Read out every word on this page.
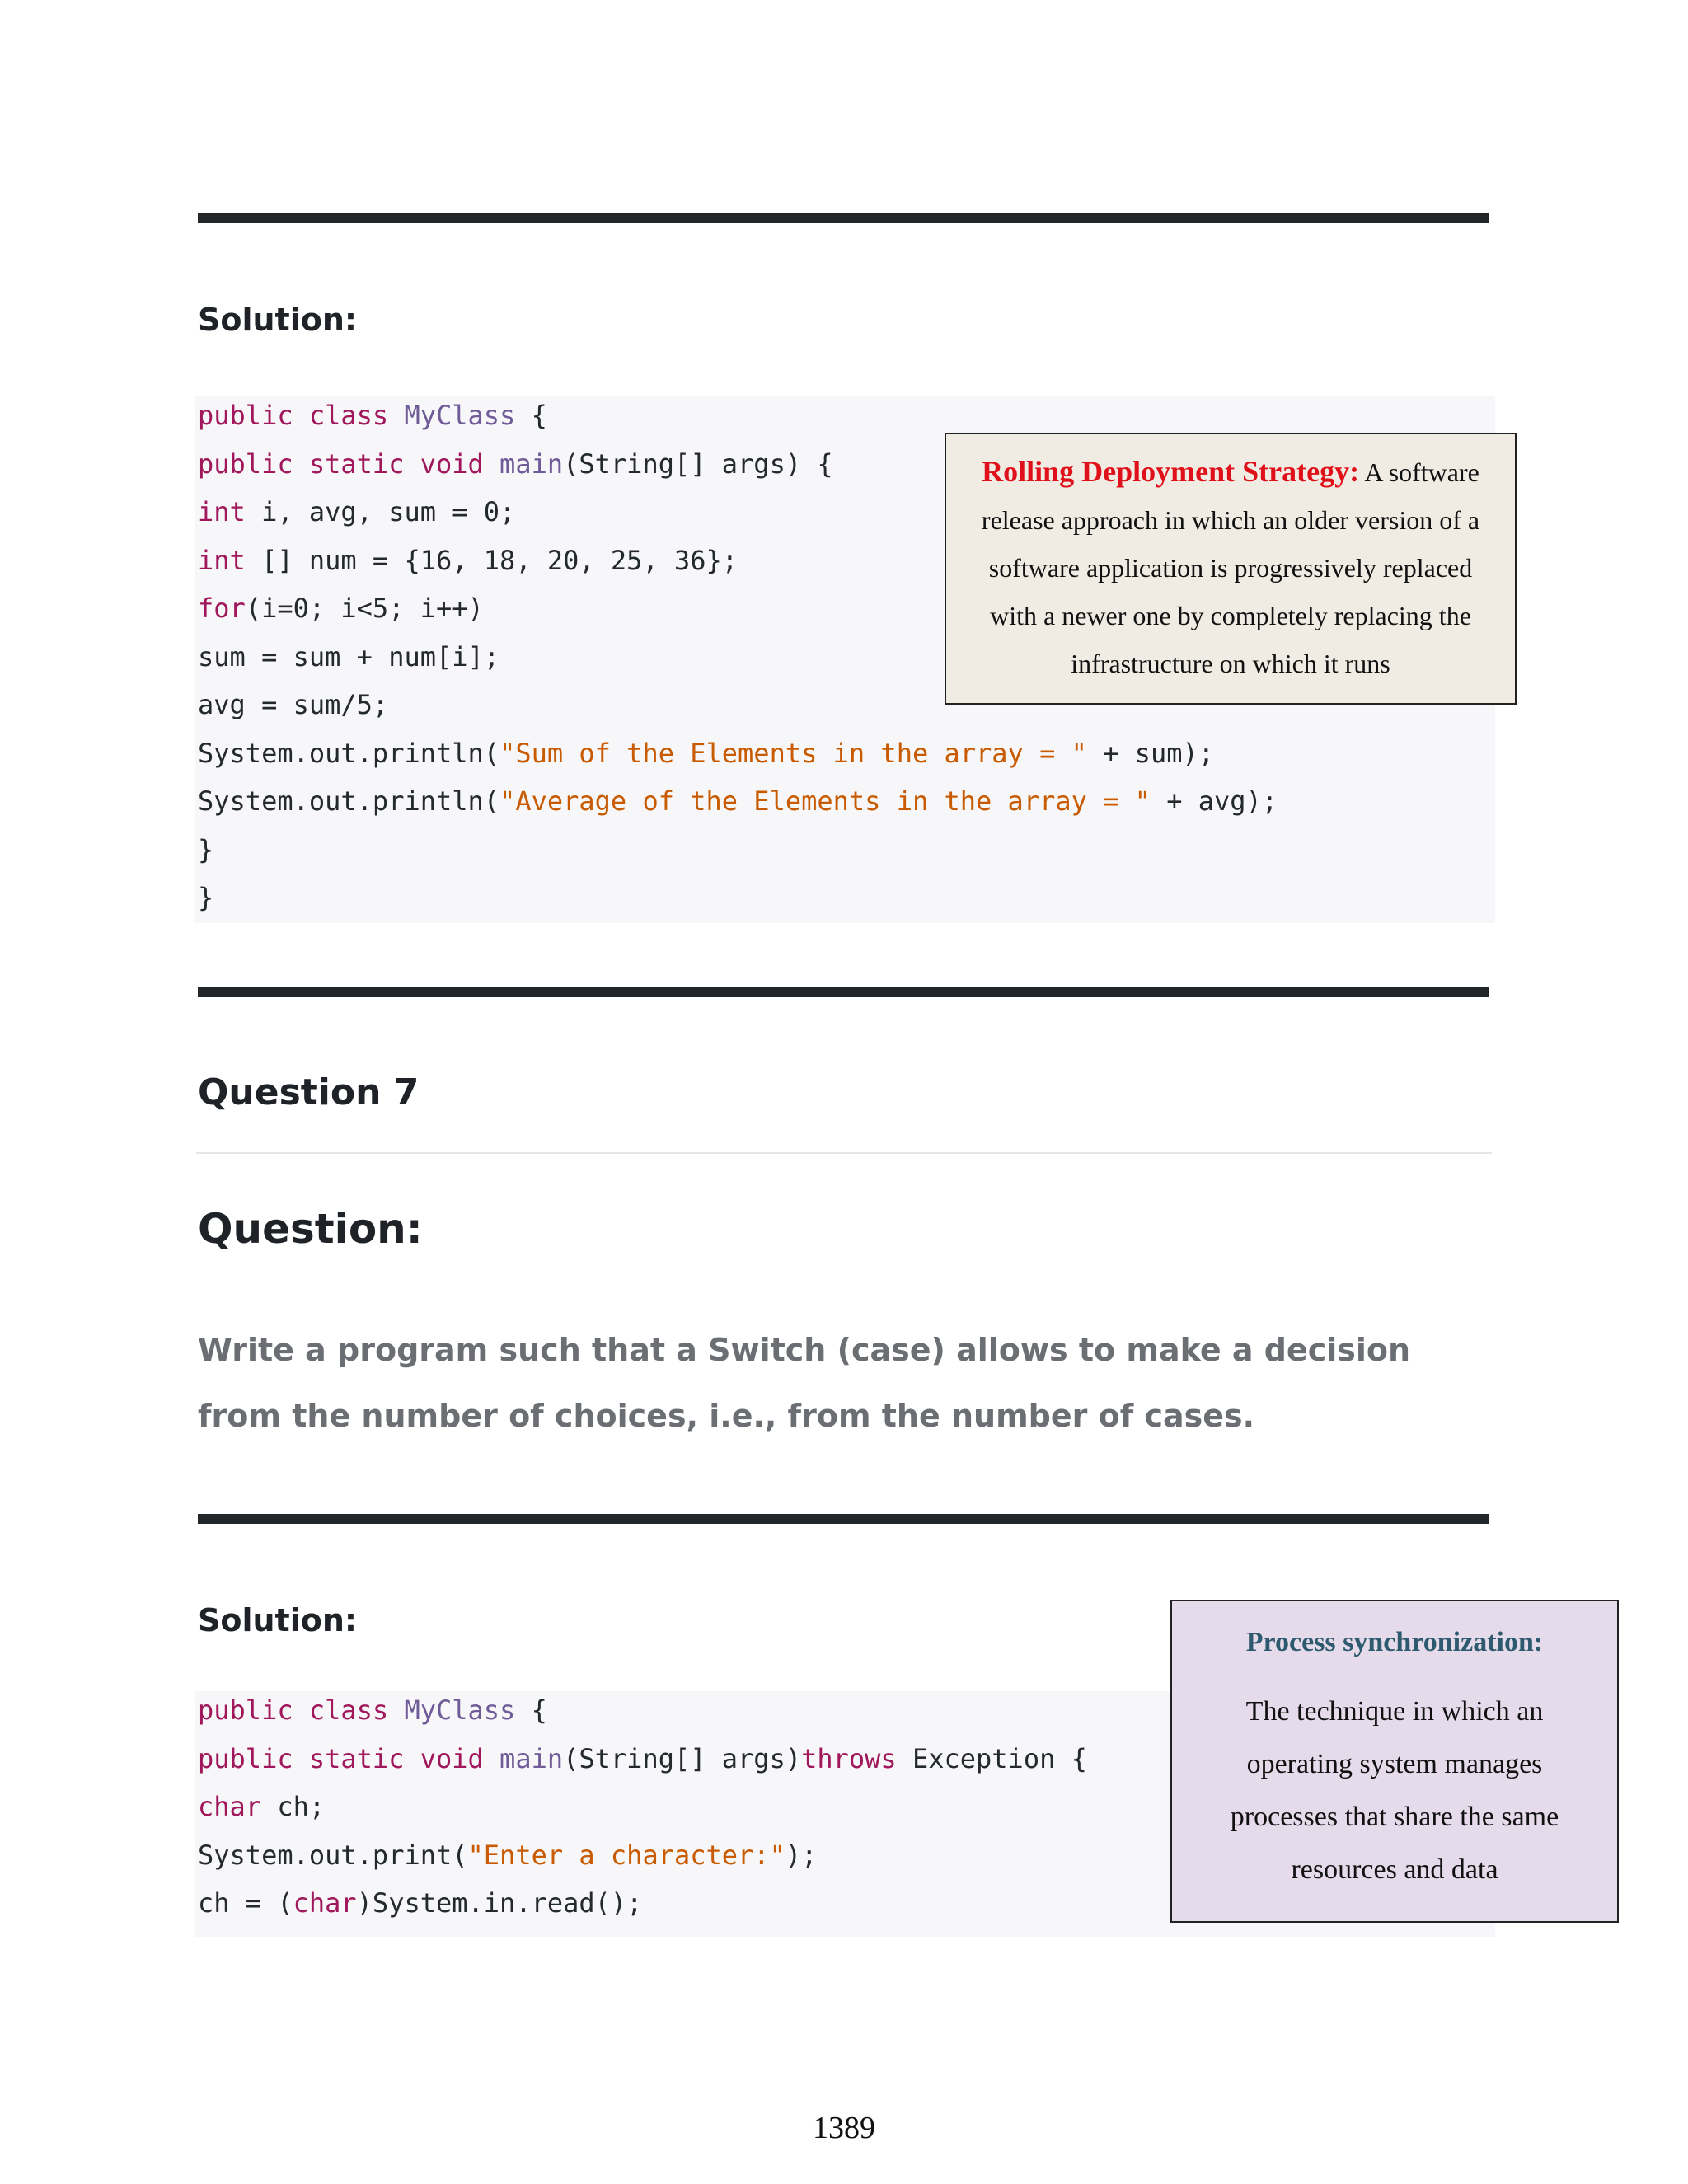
Solution:
public class MyClass {
public static void main(String[] args) {
int i, avg, sum = 0;
int [] num = {16, 18, 20, 25, 36};
for(i=0; i<5; i++)
sum = sum + num[i];
avg = sum/5;
System.out.println("Sum of the Elements in the array = " + sum);
System.out.println("Average of the Elements in the array = " + avg);
}
}
Rolling Deployment Strategy: A software release approach in which an older version of a software application is progressively replaced with a newer one by completely replacing the infrastructure on which it runs
Question 7
Question:

Write a program such that a Switch (case) allows to make a decision from the number of choices, i.e., from the number of cases.

Solution:
public class MyClass {
public static void main(String[] args)throws Exception {
char ch;
System.out.print("Enter a character:");
ch = (char)System.in.read();
Process synchronization:
The technique in which an operating system manages processes that share the same resources and data

1389
